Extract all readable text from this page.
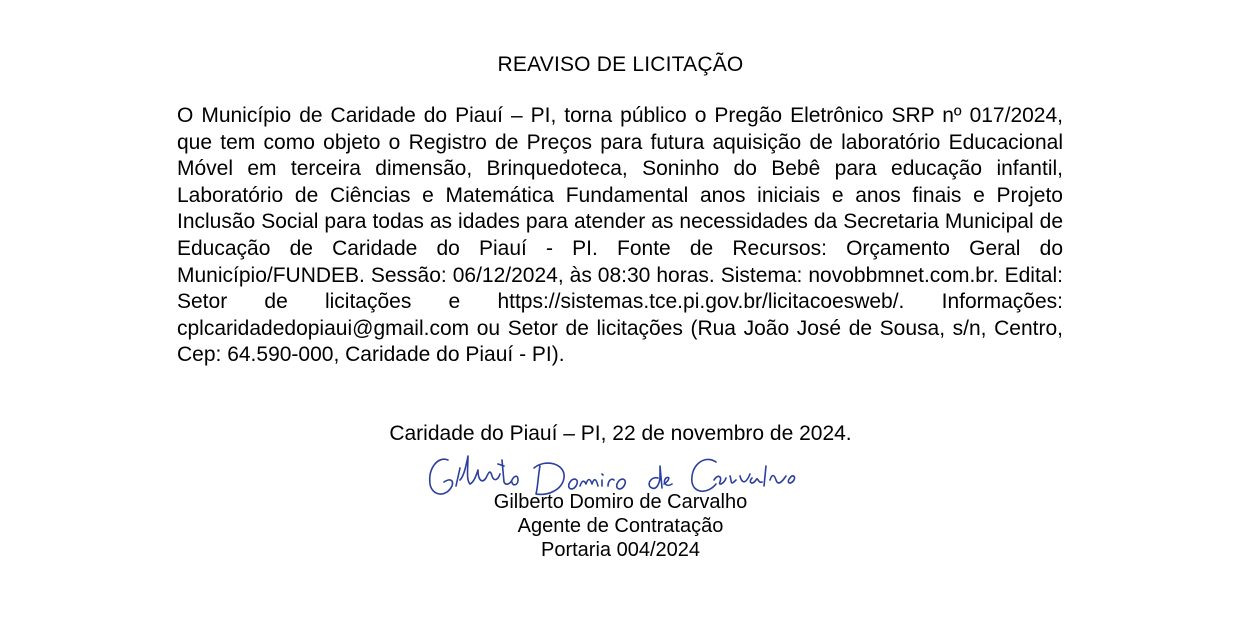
REAVISO DE LICITAÇÃO
O Município de Caridade do Piauí – PI, torna público o Pregão Eletrônico SRP nº 017/2024, que tem como objeto o Registro de Preços para futura aquisição de laboratório Educacional Móvel em terceira dimensão, Brinquedoteca, Soninho do Bebê para educação infantil, Laboratório de Ciências e Matemática Fundamental anos iniciais e anos finais e Projeto Inclusão Social para todas as idades para atender as necessidades da Secretaria Municipal de Educação de Caridade do Piauí - PI. Fonte de Recursos: Orçamento Geral do Município/FUNDEB. Sessão: 06/12/2024, às 08:30 horas. Sistema: novobbmnet.com.br. Edital: Setor de licitações e https://sistemas.tce.pi.gov.br/licitacoesweb/. Informações: cplcaridadedopiaui@gmail.com ou Setor de licitações (Rua João José de Sousa, s/n, Centro, Cep: 64.590-000, Caridade do Piauí - PI).
Caridade do Piauí – PI, 22 de novembro de 2024.
Gilberto Domiro de Carvalho
Agente de Contratação
Portaria 004/2024
